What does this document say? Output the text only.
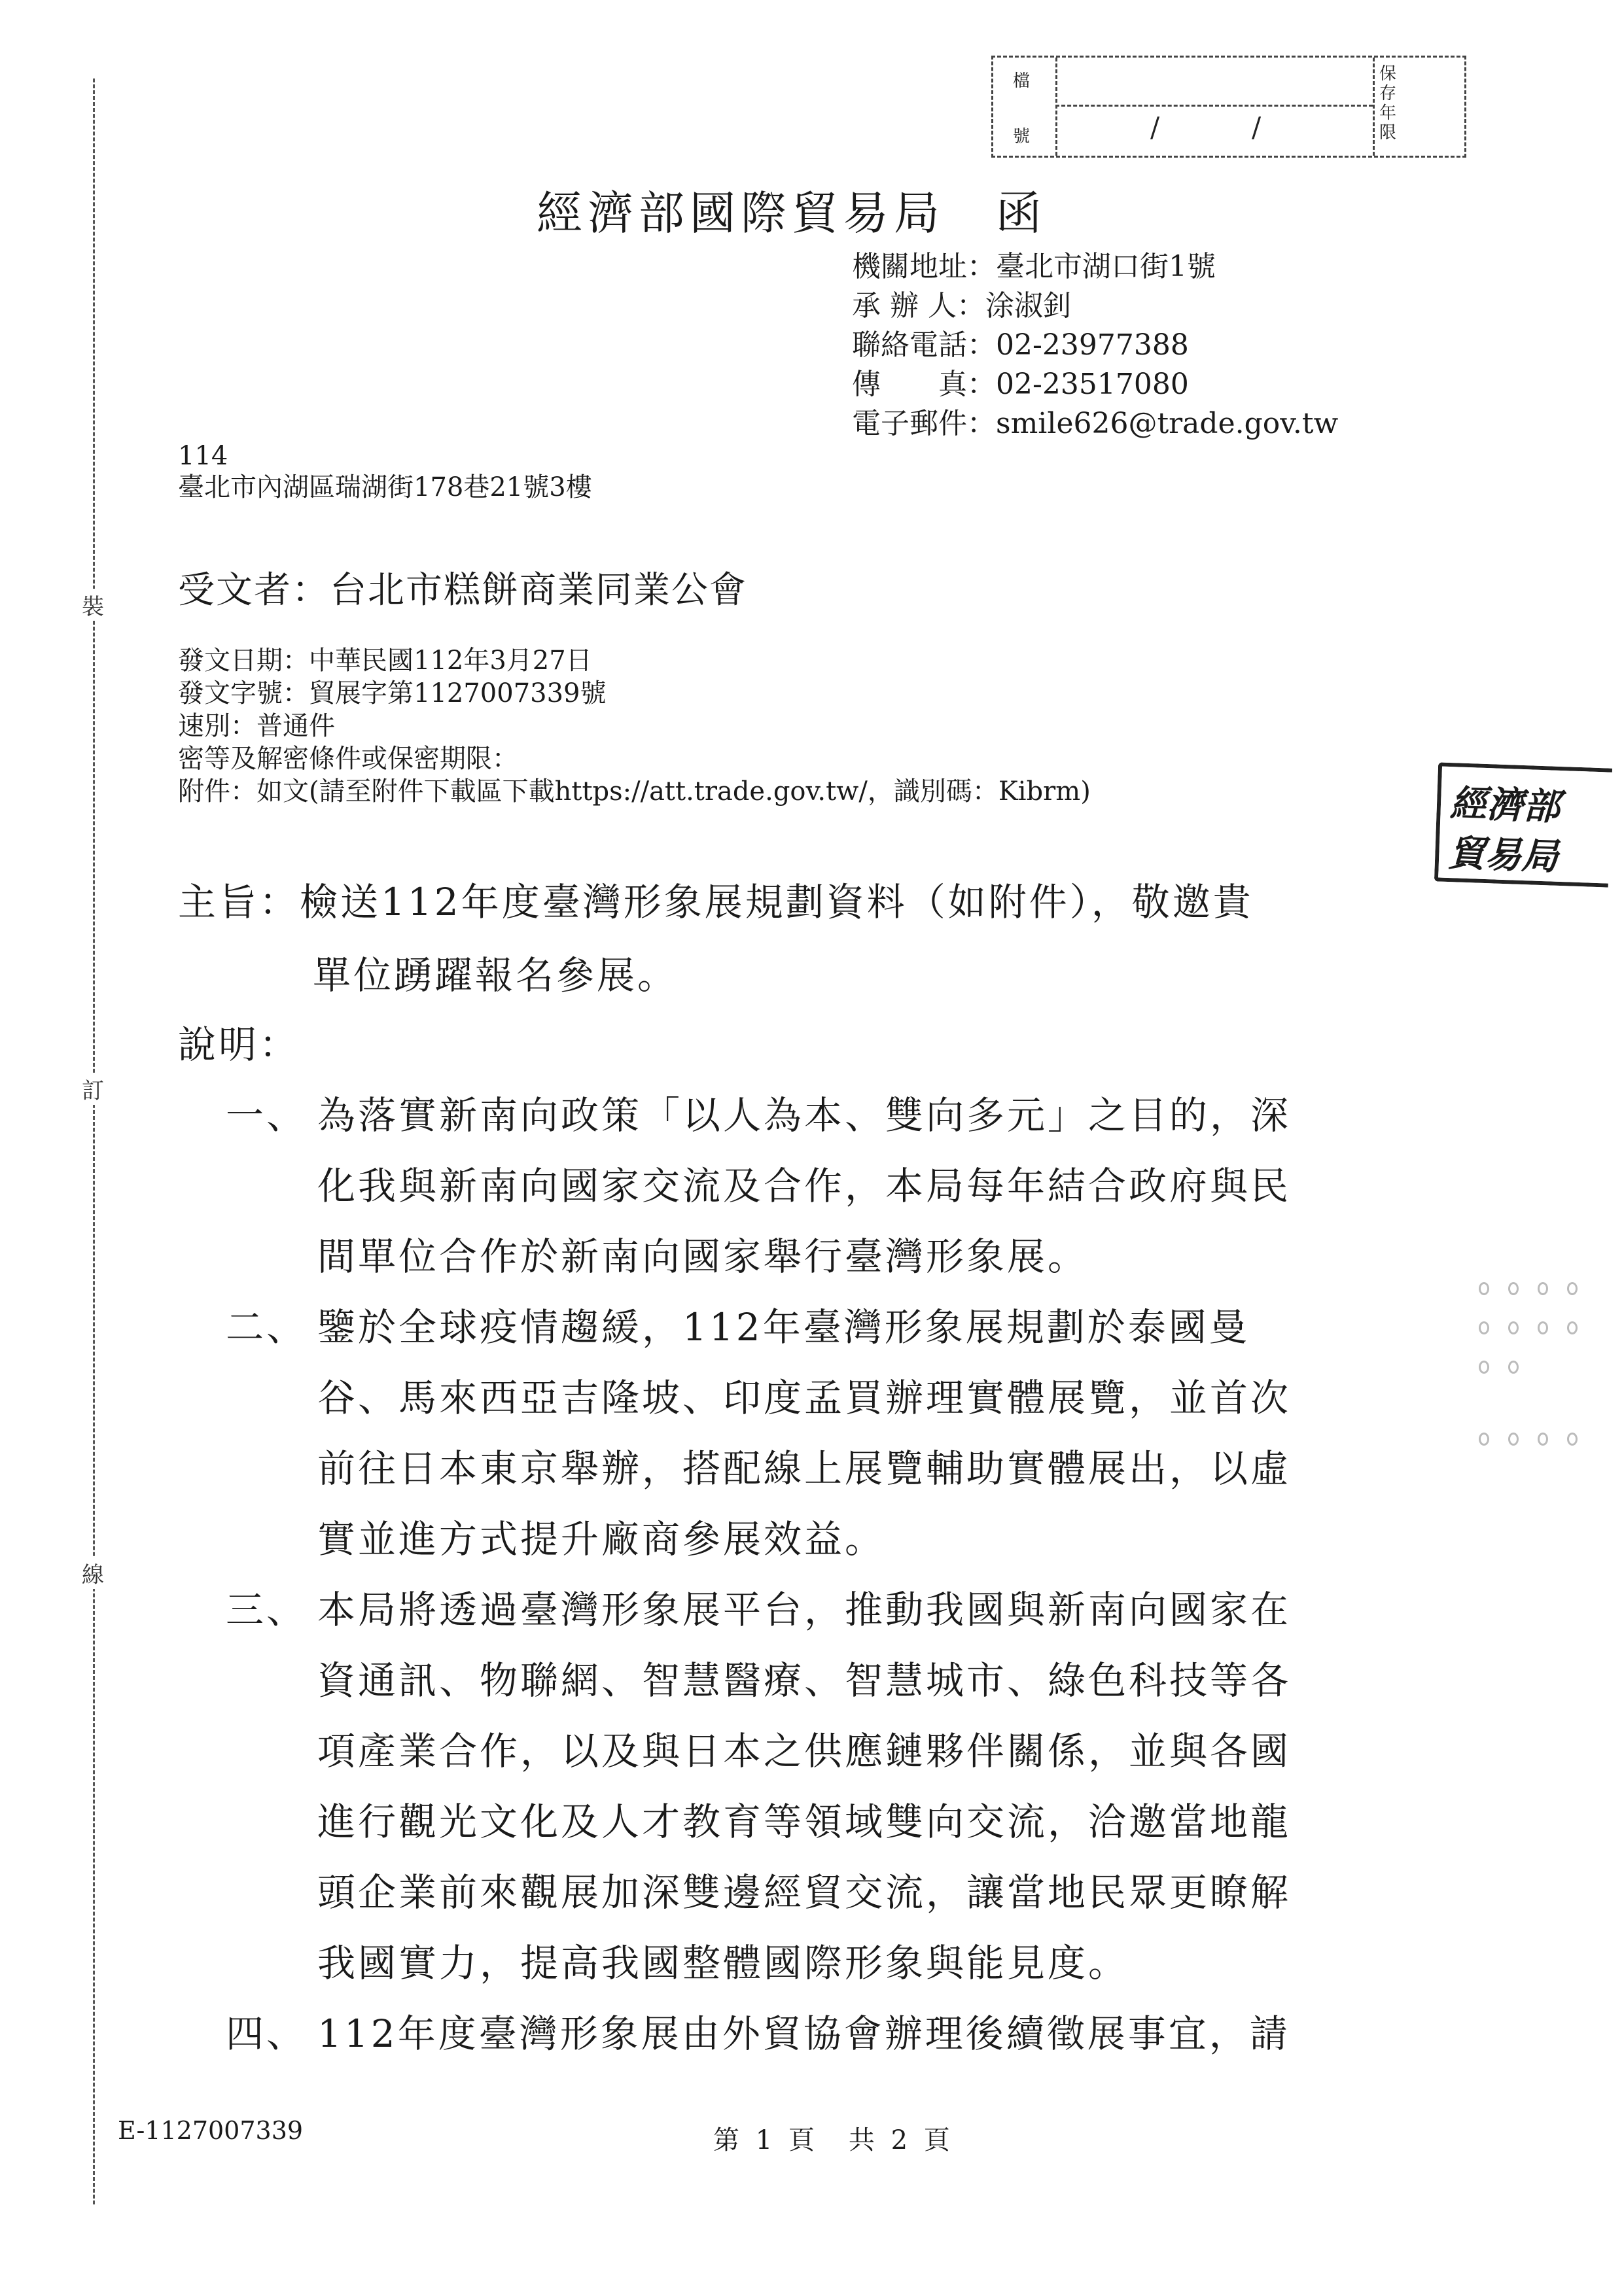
裝
訂
線
檔
號	/	/
保存年限
經濟部國際貿易局　函
機關地址：臺北市湖口街1號
承 辦 人：涂淑釗
聯絡電話：02-23977388
傳　　真：02-23517080
電子郵件：smile626@trade.gov.tw
114
臺北市內湖區瑞湖街178巷21號3樓
受文者：台北市糕餅商業同業公會
發文日期：中華民國112年3月27日
發文字號：貿展字第1127007339號
速別：普通件
密等及解密條件或保密期限：
附件：如文(請至附件下載區下載https://att.trade.gov.tw/，識別碼：Kibrm)	經濟部
貿易局
主旨：檢送112年度臺灣形象展規劃資料（如附件），敬邀貴
單位踴躍報名參展。
說明：
一、 為落實新南向政策「以人為本、雙向多元」之目的，深
化我與新南向國家交流及合作，本局每年結合政府與民
間單位合作於新南向國家舉行臺灣形象展。
二、 鑒於全球疫情趨緩，112年臺灣形象展規劃於泰國曼
谷、馬來西亞吉隆坡、印度孟買辦理實體展覽，並首次
前往日本東京舉辦，搭配線上展覽輔助實體展出，以虛
實並進方式提升廠商參展效益。
三、 本局將透過臺灣形象展平台，推動我國與新南向國家在
資通訊、物聯網、智慧醫療、智慧城市、綠色科技等各
項產業合作，以及與日本之供應鏈夥伴關係，並與各國
進行觀光文化及人才教育等領域雙向交流，洽邀當地龍
頭企業前來觀展加深雙邊經貿交流，讓當地民眾更瞭解
我國實力，提高我國整體國際形象與能見度。
四、 112年度臺灣形象展由外貿協會辦理後續徵展事宜，請
E-1127007339	第 1 頁　共 2 頁
